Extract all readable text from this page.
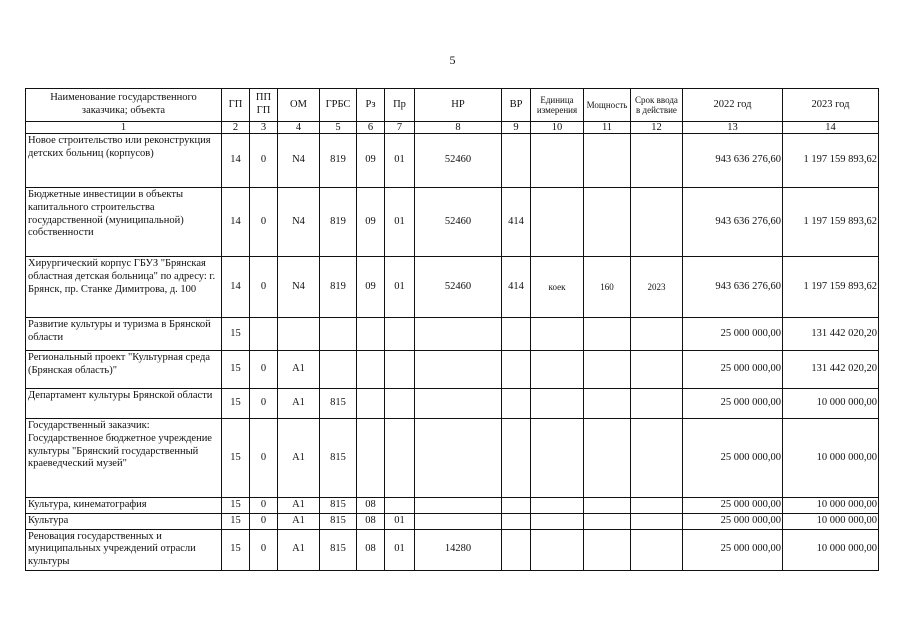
5
Наименование государственного заказчика; объекта	ГП	ППГП	ОМ	ГРБС	Рз	Пр	НР	ВР	Единица измерения	Мощность	Срок ввода в действие	2022 год	2023 год
1	2	3	4	5	6	7	8	9	10	11	12	13	14
Новое строительство или реконструкция детских больниц (корпусов)	14	0	N4	819	09	01	52460					943 636 276,60	1 197 159 893,62
Бюджетные инвестиции в объекты капитального строительства государственной (муниципальной) собственности	14	0	N4	819	09	01	52460	414				943 636 276,60	1 197 159 893,62
Хирургический корпус ГБУЗ "Брянская областная детская больница" по адресу: г. Брянск, пр. Станке Димитрова, д. 100	14	0	N4	819	09	01	52460	414	коек	160	2023	943 636 276,60	1 197 159 893,62
Развитие культуры и туризма в Брянской области	15											25 000 000,00	131 442 020,20
Региональный проект "Культурная среда (Брянская область)"	15	0	A1									25 000 000,00	131 442 020,20
Департамент культуры Брянской области	15	0	A1	815								25 000 000,00	10 000 000,00
Государственный заказчик: Государственное бюджетное учреждение культуры "Брянский государственный краеведческий музей"	15	0	A1	815								25 000 000,00	10 000 000,00
Культура, кинематография	15	0	A1	815	08							25 000 000,00	10 000 000,00
Культура	15	0	A1	815	08	01						25 000 000,00	10 000 000,00
Реновация государственных и муниципальных учреждений отрасли культуры	15	0	A1	815	08	01	14280					25 000 000,00	10 000 000,00
